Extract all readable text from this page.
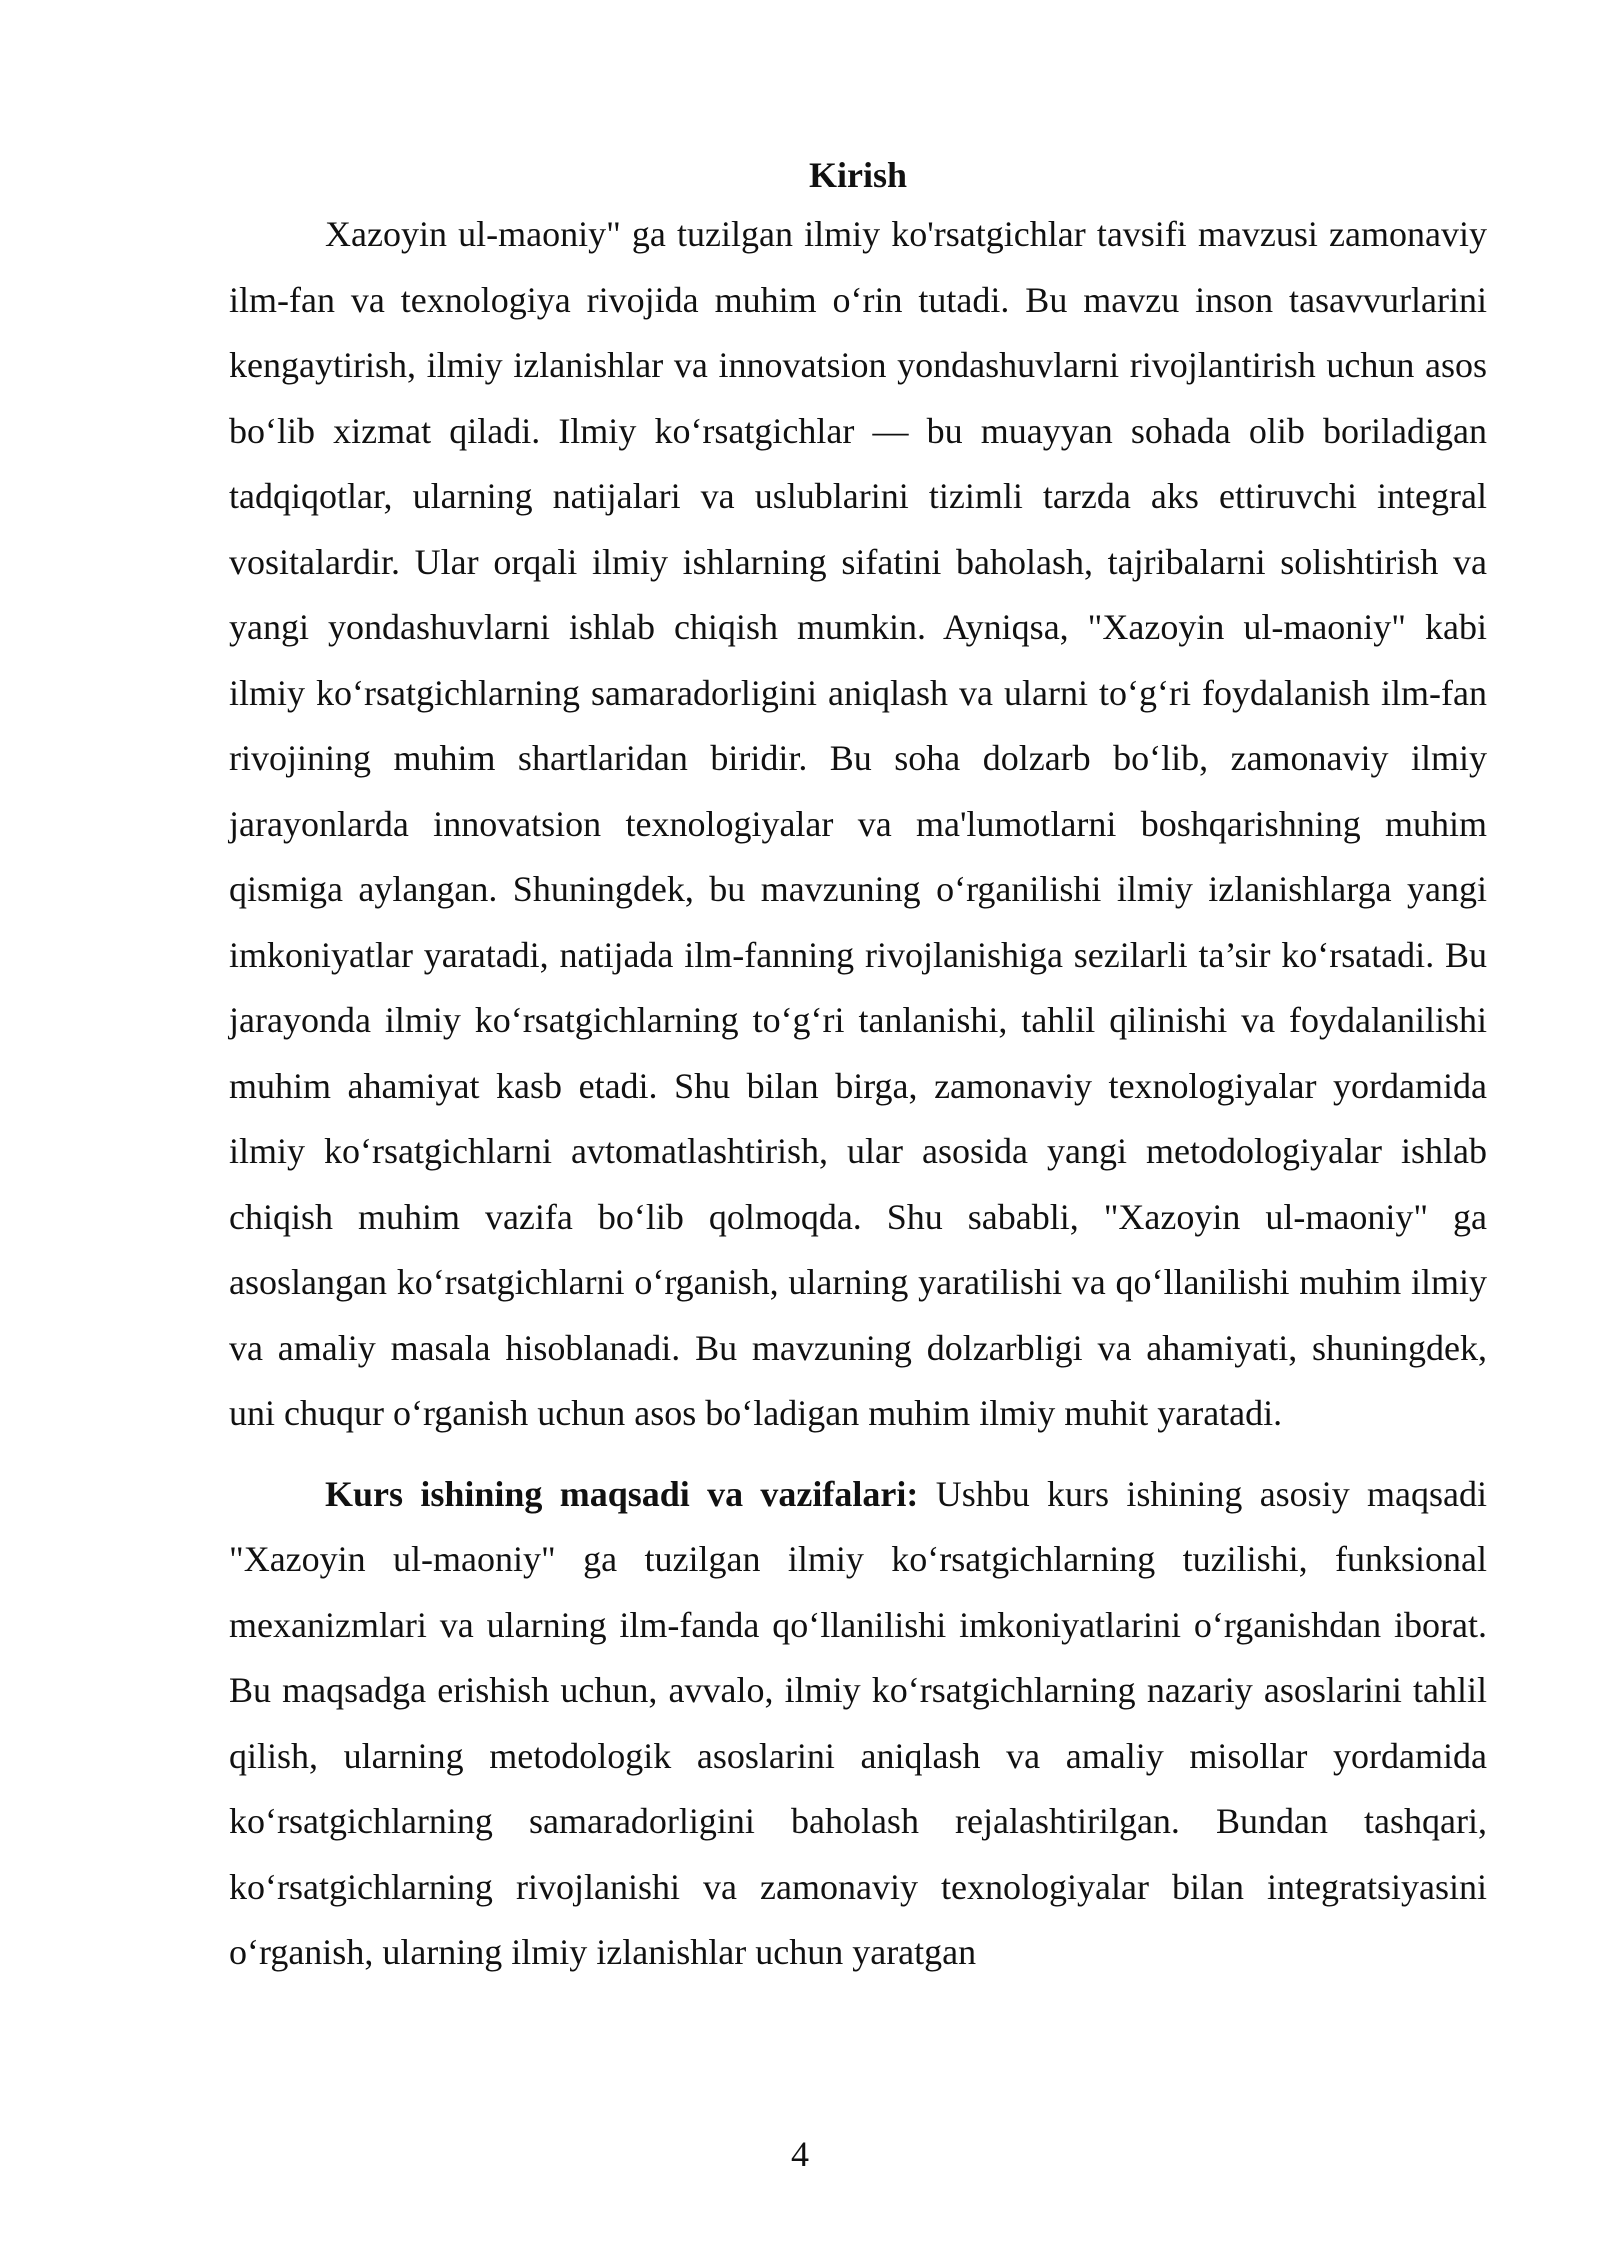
Kirish

Xazoyin ul-maoniy" ga tuzilgan ilmiy ko'rsatgichlar tavsifi mavzusi zamonaviy ilm-fan va texnologiya rivojida muhim o‘rin tutadi. Bu mavzu inson tasavvurlarini kengaytirish, ilmiy izlanishlar va innovatsion yondashuvlarni rivojlantirish uchun asos bo‘lib xizmat qiladi. Ilmiy ko‘rsatgichlar — bu muayyan sohada olib boriladigan tadqiqotlar, ularning natijalari va uslublarini tizimli tarzda aks ettiruvchi integral vositalardir. Ular orqali ilmiy ishlarning sifatini baholash, tajribalarni solishtirish va yangi yondashuvlarni ishlab chiqish mumkin. Ayniqsa, "Xazoyin ul-maoniy" kabi ilmiy ko‘rsatgichlarning samaradorligini aniqlash va ularni to‘g‘ri foydalanish ilm-fan rivojining muhim shartlaridan biridir. Bu soha dolzarb bo‘lib, zamonaviy ilmiy jarayonlarda innovatsion texnologiyalar va ma'lumotlarni boshqarishning muhim qismiga aylangan. Shuningdek, bu mavzuning o‘rganilishi ilmiy izlanishlarga yangi imkoniyatlar yaratadi, natijada ilm-fanning rivojlanishiga sezilarli ta’sir ko‘rsatadi. Bu jarayonda ilmiy ko‘rsatgichlarning to‘g‘ri tanlanishi, tahlil qilinishi va foydalanilishi muhim ahamiyat kasb etadi. Shu bilan birga, zamonaviy texnologiyalar yordamida ilmiy ko‘rsatgichlarni avtomatlashtirish, ular asosida yangi metodologiyalar ishlab chiqish muhim vazifa bo‘lib qolmoqda. Shu sababli, "Xazoyin ul-maoniy" ga asoslangan ko‘rsatgichlarni o‘rganish, ularning yaratilishi va qo‘llanilishi muhim ilmiy va amaliy masala hisoblanadi. Bu mavzuning dolzarbligi va ahamiyati, shuningdek, uni chuqur o‘rganish uchun asos bo‘ladigan muhim ilmiy muhit yaratadi.

Kurs ishining maqsadi va vazifalari: Ushbu kurs ishining asosiy maqsadi "Xazoyin ul-maoniy" ga tuzilgan ilmiy ko‘rsatgichlarning tuzilishi, funksional mexanizmlari va ularning ilm-fanda qo‘llanilishi imkoniyatlarini o‘rganishdan iborat. Bu maqsadga erishish uchun, avvalo, ilmiy ko‘rsatgichlarning nazariy asoslarini tahlil qilish, ularning metodologik asoslarini aniqlash va amaliy misollar yordamida ko‘rsatgichlarning samaradorligini baholash rejalashtirilgan. Bundan tashqari, ko‘rsatgichlarning rivojlanishi va zamonaviy texnologiyalar bilan integratsiyasini o‘rganish, ularning ilmiy izlanishlar uchun yaratgan

4
